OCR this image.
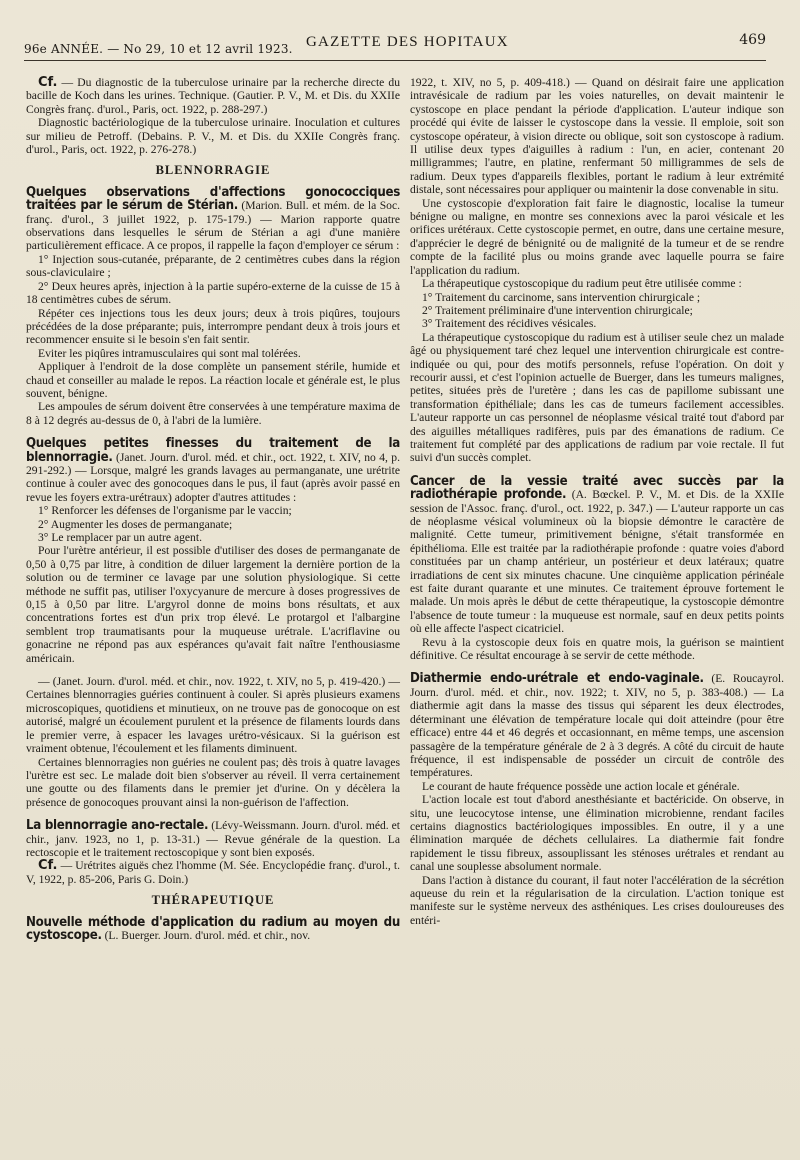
96e ANNÉE. — No 29, 10 et 12 avril 1923. GAZETTE DES HOPITAUX	469

Cf. — Du diagnostic de la tuberculose urinaire par la recherche directe du bacille de Koch dans les urines. Technique. (Gautier. P. V., M. et Dis. du XXIIe Congrès franç. d'urol., Paris, oct. 1922, p. 288-297.)

Diagnostic bactériologique de la tuberculose urinaire. Inoculation et cultures sur milieu de Petroff. (Debains. P. V., M. et Dis. du XXIIe Congrès franç. d'urol., Paris, oct. 1922, p. 276-278.)

BLENNORRAGIE

Quelques observations d'affections gonococciques traitées par le sérum de Stérian. (Marion. Bull. et mém. de la Soc. franç. d'urol., 3 juillet 1922, p. 175-179.) — Marion rapporte quatre observations dans lesquelles le sérum de Stérian a agi d'une manière particulièrement efficace. A ce propos, il rappelle la façon d'employer ce sérum :

1° Injection sous-cutanée, préparante, de 2 centimètres cubes dans la région sous-claviculaire ;

2° Deux heures après, injection à la partie supéro-externe de la cuisse de 15 à 18 centimètres cubes de sérum.

Répéter ces injections tous les deux jours; deux à trois piqûres, toujours précédées de la dose préparante; puis, interrompre pendant deux à trois jours et recommencer ensuite si le besoin s'en fait sentir.

Eviter les piqûres intramusculaires qui sont mal tolérées.

Appliquer à l'endroit de la dose complète un pansement stérile, humide et chaud et conseiller au malade le repos. La réaction locale et générale est, le plus souvent, bénigne.

Les ampoules de sérum doivent être conservées à une température maxima de 8 à 12 degrés au-dessus de 0, à l'abri de la lumière.

Quelques petites finesses du traitement de la blennorragie. (Janet. Journ. d'urol. méd. et chir., oct. 1922, t. XIV, no 4, p. 291-292.) — Lorsque, malgré les grands lavages au permanganate, une urétrite continue à couler avec des gonocoques dans le pus, il faut (après avoir passé en revue les foyers extra-urétraux) adopter d'autres attitudes :

1° Renforcer les défenses de l'organisme par le vaccin;

2° Augmenter les doses de permanganate;

3° Le remplacer par un autre agent.

Pour l'urètre antérieur, il est possible d'utiliser des doses de permanganate de 0,50 à 0,75 par litre, à condition de diluer largement la dernière portion de la solution ou de terminer ce lavage par une solution physiologique. Si cette méthode ne suffit pas, utiliser l'oxycyanure de mercure à doses progressives de 0,15 à 0,50 par litre. L'argyrol donne de moins bons résultats, et aux concentrations fortes est d'un prix trop élevé. Le protargol et l'albargine semblent trop traumatisants pour la muqueuse urétrale. L'acriflavine ou gonacrine ne répond pas aux espérances qu'avait fait naître l'enthousiasme américain.

— (Janet. Journ. d'urol. méd. et chir., nov. 1922, t. XIV, no 5, p. 419-420.) — Certaines blennorragies guéries continuent à couler. Si après plusieurs examens microscopiques, quotidiens et minutieux, on ne trouve pas de gonocoque on est autorisé, malgré un écoulement purulent et la présence de filaments lourds dans le premier verre, à espacer les lavages urétro-vésicaux. Si la guérison est vraiment obtenue, l'écoulement et les filaments diminuent.

Certaines blennorragies non guéries ne coulent pas; dès trois à quatre lavages l'urètre est sec. Le malade doit bien s'observer au réveil. Il verra certainement une goutte ou des filaments dans le premier jet d'urine. On y décèlera la présence de gonocoques prouvant ainsi la non-guérison de l'affection.

La blennorragie ano-rectale. (Lévy-Weissmann. Journ. d'urol. méd. et chir., janv. 1923, no 1, p. 13-31.) — Revue générale de la question. La rectoscopie et le traitement rectoscopique y sont bien exposés.

Cf. — Urétrites aiguës chez l'homme (M. Sée. Encyclopédie franç. d'urol., t. V, 1922, p. 85-206, Paris G. Doin.)

THÉRAPEUTIQUE

Nouvelle méthode d'application du radium au moyen du cystoscope. (L. Buerger. Journ. d'urol. méd. et chir., nov.

1922, t. XIV, no 5, p. 409-418.) — Quand on désirait faire une application intravésicale de radium par les voies naturelles, on devait maintenir le cystoscope en place pendant la période d'application. L'auteur indique son procédé qui évite de laisser le cystoscope dans la vessie. Il emploie, soit son cystoscope opérateur, à vision directe ou oblique, soit son cystoscope à radium. Il utilise deux types d'aiguilles à radium : l'un, en acier, contenant 20 milligrammes; l'autre, en platine, renfermant 50 milligrammes de sels de radium. Deux types d'appareils flexibles, portant le radium à leur extrémité distale, sont nécessaires pour appliquer ou maintenir la dose convenable in situ.

Une cystoscopie d'exploration fait faire le diagnostic, localise la tumeur bénigne ou maligne, en montre ses connexions avec la paroi vésicale et les orifices urétéraux. Cette cystoscopie permet, en outre, dans une certaine mesure, d'apprécier le degré de bénignité ou de malignité de la tumeur et de se rendre compte de la facilité plus ou moins grande avec laquelle pourra se faire l'application du radium.

La thérapeutique cystoscopique du radium peut être utilisée comme :

1° Traitement du carcinome, sans intervention chirurgicale ;

2° Traitement préliminaire d'une intervention chirurgicale;

3° Traitement des récidives vésicales.

La thérapeutique cystoscopique du radium est à utiliser seule chez un malade âgé ou physiquement taré chez lequel une intervention chirurgicale est contre-indiquée ou qui, pour des motifs personnels, refuse l'opération. On doit y recourir aussi, et c'est l'opinion actuelle de Buerger, dans les tumeurs malignes, petites, situées près de l'uretère ; dans les cas de papillome subissant une transformation épithéliale; dans les cas de tumeurs facilement accessibles. L'auteur rapporte un cas personnel de néoplasme vésical traité tout d'abord par des aiguilles métalliques radifères, puis par des émanations de radium. Ce traitement fut complété par des applications de radium par voie rectale. Il fut suivi d'un succès complet.

Cancer de la vessie traité avec succès par la radiothérapie profonde. (A. Bœckel. P. V., M. et Dis. de la XXIIe session de l'Assoc. franç. d'urol., oct. 1922, p. 347.) — L'auteur rapporte un cas de néoplasme vésical volumineux où la biopsie démontre le caractère de malignité. Cette tumeur, primitivement bénigne, s'était transformée en épithélioma. Elle est traitée par la radiothérapie profonde : quatre voies d'abord constituées par un champ antérieur, un postérieur et deux latéraux; quatre irradiations de cent six minutes chacune. Une cinquième application périnéale est faite durant quarante et une minutes. Ce traitement éprouve fortement le malade. Un mois après le début de cette thérapeutique, la cystoscopie démontre l'absence de toute tumeur : la muqueuse est normale, sauf en deux petits points où elle affecte l'aspect cicatriciel.

Revu à la cystoscopie deux fois en quatre mois, la guérison se maintient définitive. Ce résultat encourage à se servir de cette méthode.

Diathermie endo-urétrale et endo-vaginale. (E. Roucayrol. Journ. d'urol. méd. et chir., nov. 1922; t. XIV, no 5, p. 383-408.) — La diathermie agit dans la masse des tissus qui séparent les deux électrodes, déterminant une élévation de température locale qui doit atteindre (pour être efficace) entre 44 et 46 degrés et occasionnant, en même temps, une ascension passagère de la température générale de 2 à 3 degrés. A côté du circuit de haute fréquence, il est indispensable de posséder un circuit de contrôle des températures.

Le courant de haute fréquence possède une action locale et générale.

L'action locale est tout d'abord anesthésiante et bactéricide. On observe, in situ, une leucocytose intense, une élimination microbienne, rendant faciles certains diagnostics bactériologiques impossibles. En outre, il y a une élimination marquée de déchets cellulaires. La diathermie fait fondre rapidement le tissu fibreux, assouplissant les sténoses urétrales et rendant au canal une souplesse absolument normale.

Dans l'action à distance du courant, il faut noter l'accélération de la sécrétion aqueuse du rein et la régularisation de la circulation. L'action tonique est manifeste sur le système nerveux des asthéniques. Les crises douloureuses des entéri-
